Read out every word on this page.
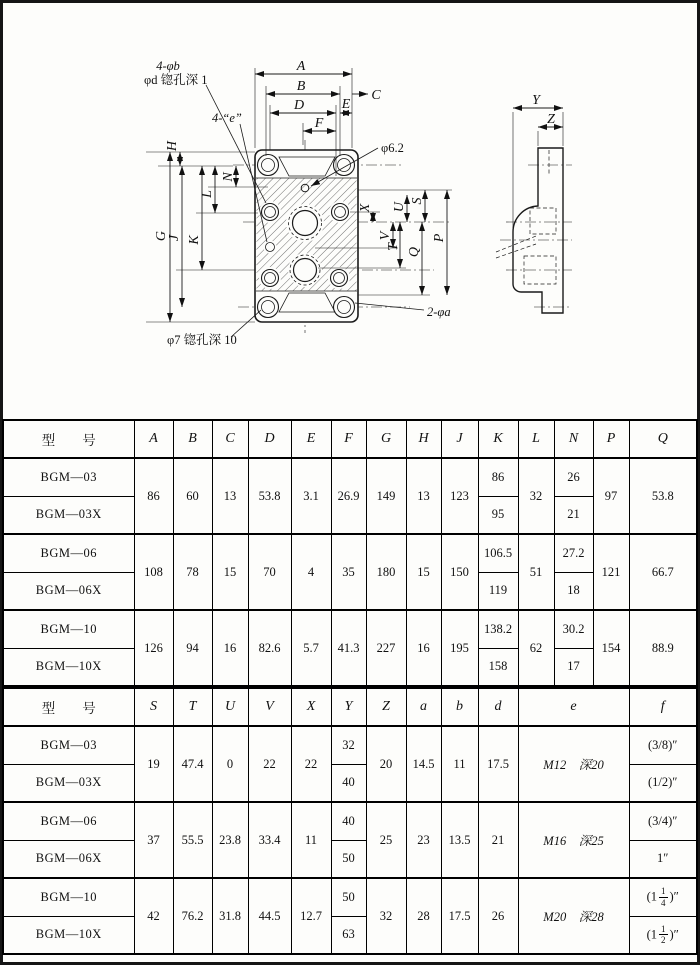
A
B
C
D	E
F
H
G
J K
L
N
X U
S
V
T Q
P
Y
Z
4-φb
φd 锪孔深 1
4-“e”
φ6.2
2-φa
φ7 锪孔深 10
型　　号	A	B	C	D	E	F	G	H	J	K	L	N	P	Q
BGM—03	86	60	13	53.8	3.1	26.9	149	13	123	86	32	26	97	53.8
BGM—03X										95		21		
BGM—06	108	78	15	70	4	35	180	15	150	106.5	51	27.2	121	66.7
BGM—06X										119		18		
BGM—10	126	94	16	82.6	5.7	41.3	227	16	195	138.2	62	30.2	154	88.9
BGM—10X										158		17		
型　　号	S	T	U	V	X	Y	Z	a	b	d	e	f
BGM—03	19	47.4	0	22	22	32	20	14.5	11	17.5	M12　深20	(3/8)″
BGM—03X						40						(1/2)″
BGM—06	37	55.5	23.8	33.4	11	40	25	23	13.5	21	M16　深25	(3/4)″
BGM—06X						50						1″
BGM—10	42	76.2	31.8	44.5	12.7	50	32	28	17.5	26	M20　深28	($1 \frac{1}{4}$ )″
BGM—10X						63						($1 \frac{1}{2}$ )″
